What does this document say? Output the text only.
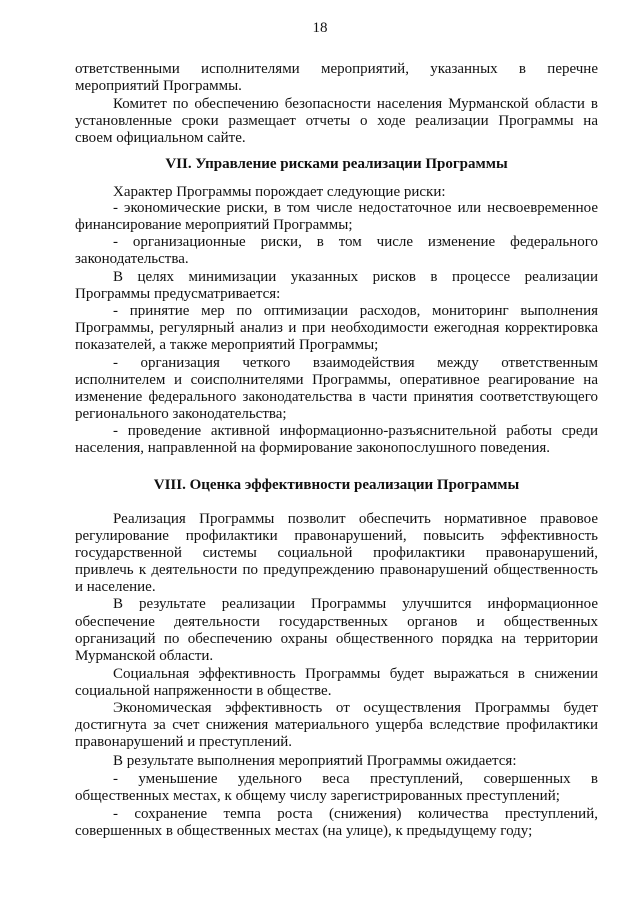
18
ответственными исполнителями мероприятий, указанных в перечне
мероприятий Программы.
Комитет по обеспечению безопасности населения Мурманской области в
установленные сроки размещает отчеты о ходе реализации Программы на
своем официальном сайте.
VII. Управление рисками реализации Программы
Характер Программы порождает следующие риски:
- экономические риски, в том числе недостаточное или несвоевременное
финансирование мероприятий Программы;
- организационные риски, в том числе изменение федерального
законодательства.
В целях минимизации указанных рисков в процессе реализации
Программы предусматривается:
- принятие мер по оптимизации расходов, мониторинг выполнения
Программы, регулярный анализ и при необходимости ежегодная корректировка
показателей, а также мероприятий Программы;
- организация четкого взаимодействия между ответственным
исполнителем и соисполнителями Программы, оперативное реагирование на
изменение федерального законодательства в части принятия соответствующего
регионального законодательства;
- проведение активной информационно-разъяснительной работы среди
населения, направленной на формирование законопослушного поведения.
VIII. Оценка эффективности реализации Программы
Реализация Программы позволит обеспечить нормативное правовое
регулирование профилактики правонарушений, повысить эффективность
государственной системы социальной профилактики правонарушений,
привлечь к деятельности по предупреждению правонарушений общественность
и население.
В результате реализации Программы улучшится информационное
обеспечение деятельности государственных органов и общественных
организаций по обеспечению охраны общественного порядка на территории
Мурманской области.
Социальная эффективность Программы будет выражаться в снижении
социальной напряженности в обществе.
Экономическая эффективность от осуществления Программы будет
достигнута за счет снижения материального ущерба вследствие профилактики
правонарушений и преступлений.
В результате выполнения мероприятий Программы ожидается:
- уменьшение удельного веса преступлений, совершенных в
общественных местах, к общему числу зарегистрированных преступлений;
- сохранение темпа роста (снижения) количества преступлений,
совершенных в общественных местах (на улице), к предыдущему году;
